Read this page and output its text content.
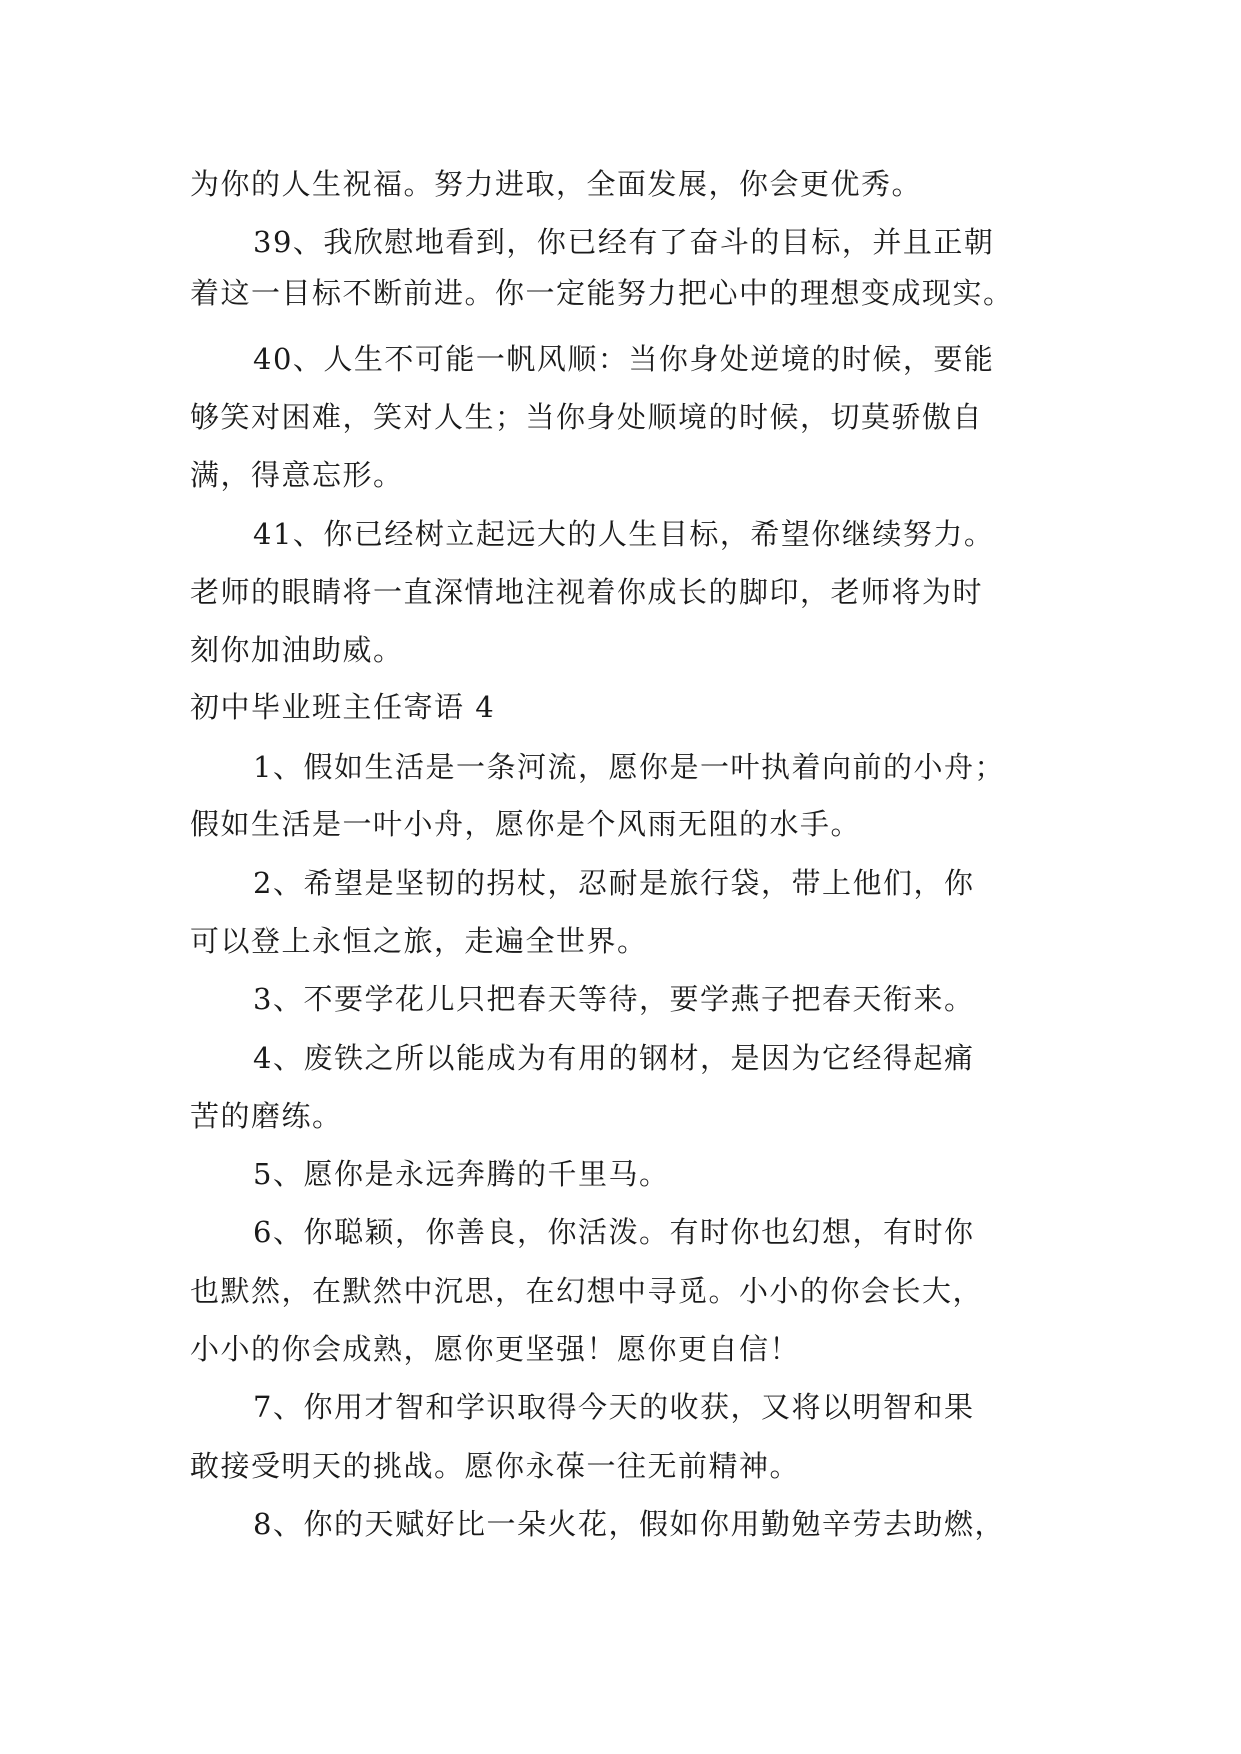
为你的人生祝福。努力进取，全面发展，你会更优秀。
39、我欣慰地看到，你已经有了奋斗的目标，并且正朝
着这一目标不断前进。你一定能努力把心中的理想变成现实。
40、人生不可能一帆风顺：当你身处逆境的时候，要能
够笑对困难，笑对人生；当你身处顺境的时候，切莫骄傲自
满，得意忘形。
41、你已经树立起远大的人生目标，希望你继续努力。
老师的眼睛将一直深情地注视着你成长的脚印，老师将为时
刻你加油助威。
初中毕业班主任寄语 4
1、假如生活是一条河流，愿你是一叶执着向前的小舟；
假如生活是一叶小舟，愿你是个风雨无阻的水手。
2、希望是坚韧的拐杖，忍耐是旅行袋，带上他们，你
可以登上永恒之旅，走遍全世界。
3、不要学花儿只把春天等待，要学燕子把春天衔来。
4、废铁之所以能成为有用的钢材，是因为它经得起痛
苦的磨练。
5、愿你是永远奔腾的千里马。
6、你聪颖，你善良，你活泼。有时你也幻想，有时你
也默然，在默然中沉思，在幻想中寻觅。小小的你会长大，
小小的你会成熟，愿你更坚强！愿你更自信！
7、你用才智和学识取得今天的收获，又将以明智和果
敢接受明天的挑战。愿你永葆一往无前精神。
8、你的天赋好比一朵火花，假如你用勤勉辛劳去助燃，
